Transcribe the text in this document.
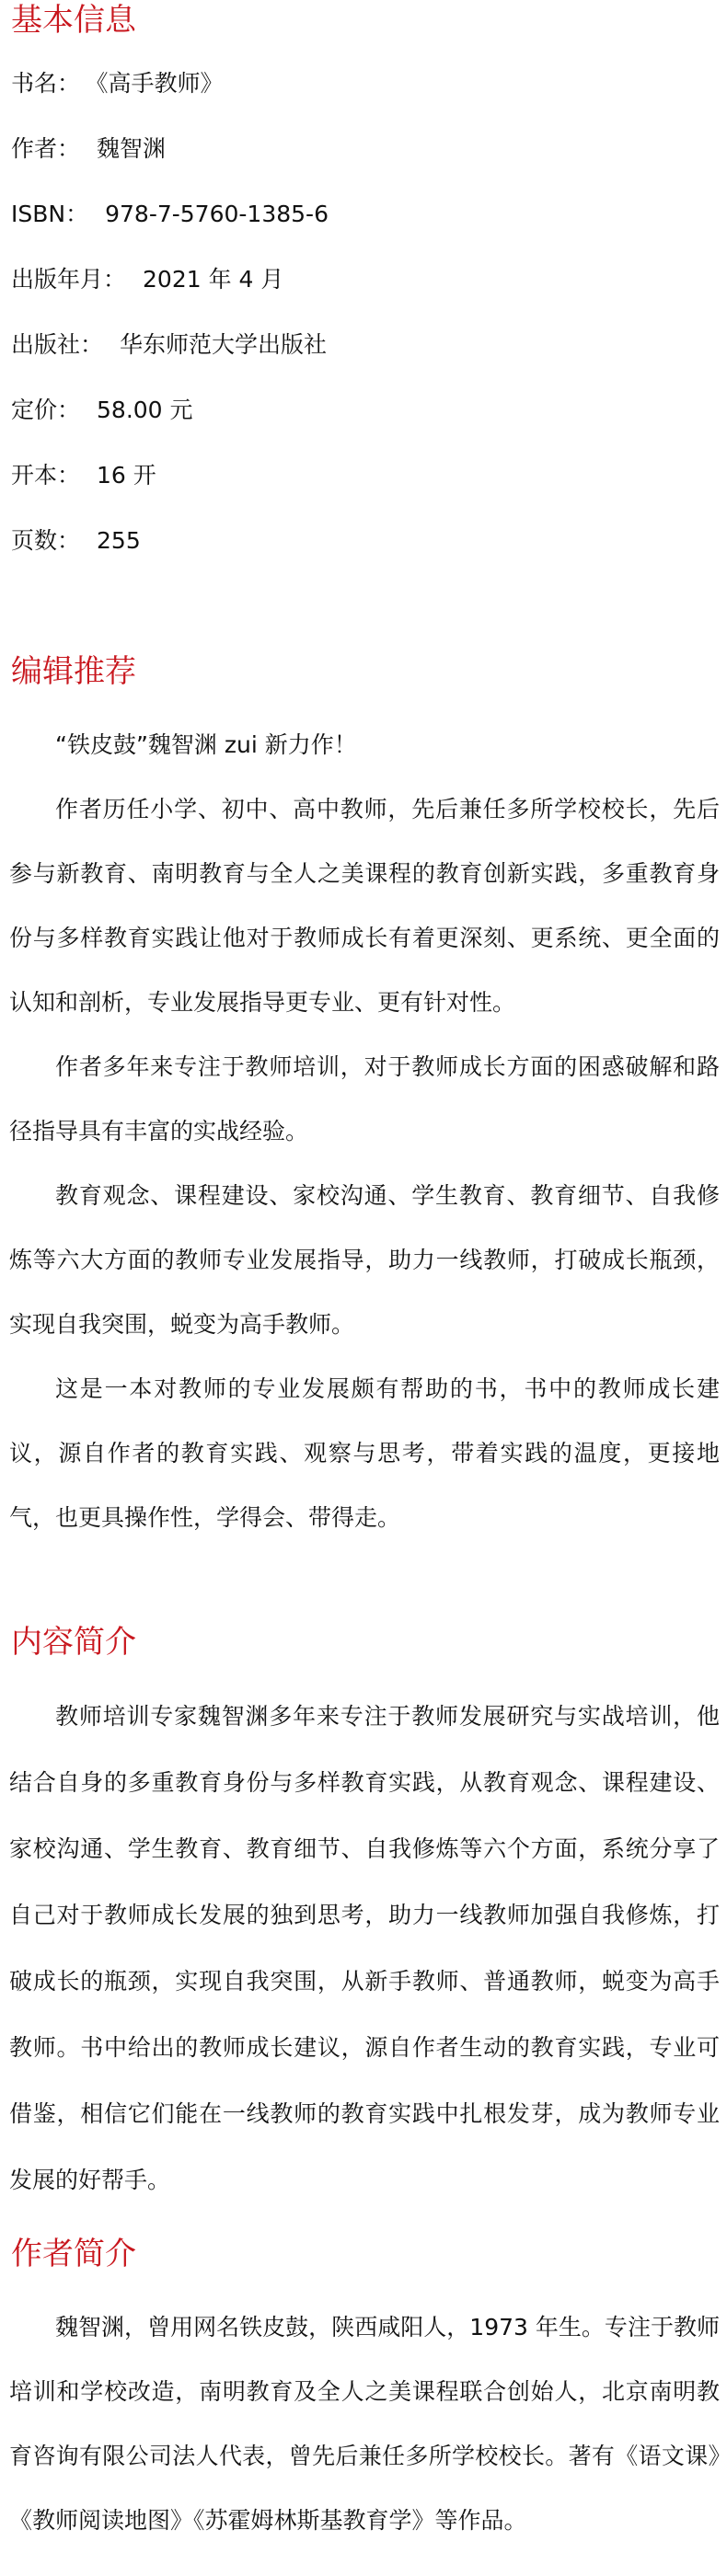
基本信息
书名： 《高手教师》
作者： 魏智渊
ISBN： 978-7-5760-1385-6
出版年月： 2021 年 4 月
出版社： 华东师范大学出版社
定价： 58.00 元
开本： 16 开
页数： 255
编辑推荐

“铁皮鼓”魏智渊 zui 新力作！

作者历任小学、初中、高中教师，先后兼任多所学校校长，先后参与新教育、南明教育与全人之美课程的教育创新实践，多重教育身份与多样教育实践让他对于教师成长有着更深刻、更系统、更全面的认知和剖析，专业发展指导更专业、更有针对性。

作者多年来专注于教师培训，对于教师成长方面的困惑破解和路径指导具有丰富的实战经验。

教育观念、课程建设、家校沟通、学生教育、教育细节、自我修炼等六大方面的教师专业发展指导，助力一线教师，打破成长瓶颈，实现自我突围，蜕变为高手教师。

这是一本对教师的专业发展颇有帮助的书，书中的教师成长建议，源自作者的教育实践、观察与思考，带着实践的温度，更接地气，也更具操作性，学得会、带得走。

内容简介

教师培训专家魏智渊多年来专注于教师发展研究与实战培训，他结合自身的多重教育身份与多样教育实践，从教育观念、课程建设、家校沟通、学生教育、教育细节、自我修炼等六个方面，系统分享了自己对于教师成长发展的独到思考，助力一线教师加强自我修炼，打破成长的瓶颈，实现自我突围，从新手教师、普通教师，蜕变为高手教师。书中给出的教师成长建议，源自作者生动的教育实践，专业可借鉴，相信它们能在一线教师的教育实践中扎根发芽，成为教师专业发展的好帮手。

作者简介

魏智渊，曾用网名铁皮鼓，陕西咸阳人，1973 年生。专注于教师培训和学校改造，南明教育及全人之美课程联合创始人，北京南明教育咨询有限公司法人代表，曾先后兼任多所学校校长。著有《语文课》《教师阅读地图》《苏霍姆林斯基教育学》等作品。
